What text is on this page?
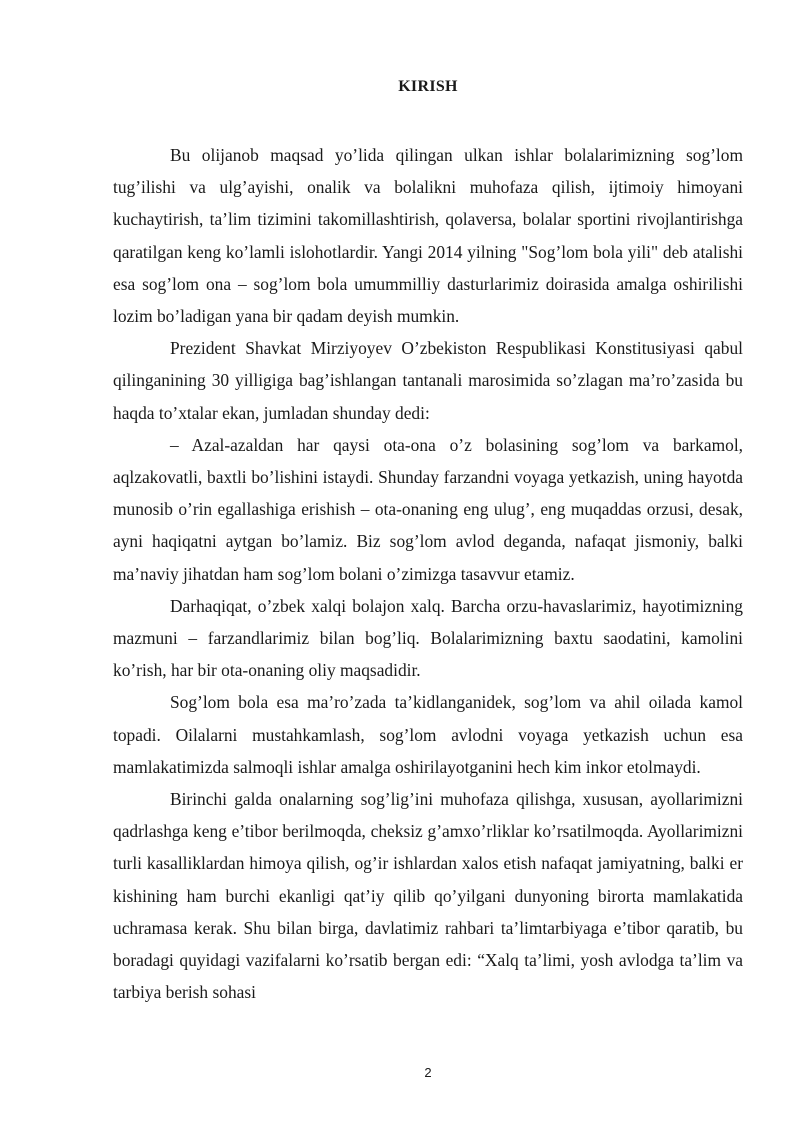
KIRISH

Bu olijanob maqsad yo’lida qilingan ulkan ishlar bolalarimizning sog’lom tug’ilishi va ulg’ayishi, onalik va bolalikni muhofaza qilish, ijtimoiy himoyani kuchaytirish, ta’lim tizimini takomillashtirish, qolaversa, bolalar sportini rivojlantirishga qaratilgan keng ko’lamli islohotlardir. Yangi 2014 yilning "Sog’lom bola yili" deb atalishi esa sog’lom ona – sog’lom bola umummilliy dasturlarimiz doirasida amalga oshirilishi lozim bo’ladigan yana bir qadam deyish mumkin.

Prezident Shavkat Mirziyoyev O’zbekiston Respublikasi Konstitusiyasi qabul qilinganining 30 yilligiga bag’ishlangan tantanali marosimida so’zlagan ma’ro’zasida bu haqda to’xtalar ekan, jumladan shunday dedi:

– Azal-azaldan har qaysi ota-ona o’z bolasining sog’lom va barkamol, aqlzakovatli, baxtli bo’lishini istaydi. Shunday farzandni voyaga yetkazish, uning hayotda munosib o’rin egallashiga erishish – ota-onaning eng ulug’, eng muqaddas orzusi, desak, ayni haqiqatni aytgan bo’lamiz. Biz sog’lom avlod deganda, nafaqat jismoniy, balki ma’naviy jihatdan ham sog’lom bolani o’zimizga tasavvur etamiz.

Darhaqiqat, o’zbek xalqi bolajon xalq. Barcha orzu-havaslarimiz, hayotimizning mazmuni – farzandlarimiz bilan bog’liq. Bolalarimizning baxtu saodatini, kamolini ko’rish, har bir ota-onaning oliy maqsadidir.

Sog’lom bola esa ma’ro’zada ta’kidlanganidek, sog’lom va ahil oilada kamol topadi. Oilalarni mustahkamlash, sog’lom avlodni voyaga yetkazish uchun esa mamlakatimizda salmoqli ishlar amalga oshirilayotganini hech kim inkor etolmaydi.

Birinchi galda onalarning sog’lig’ini muhofaza qilishga, xususan, ayollarimizni qadrlashga keng e’tibor berilmoqda, cheksiz g’amxo’rliklar ko’rsatilmoqda. Ayollarimizni turli kasalliklardan himoya qilish, og’ir ishlardan xalos etish nafaqat jamiyatning, balki er kishining ham burchi ekanligi qat’iy qilib qo’yilgani dunyoning birorta mamlakatida uchramasa kerak. Shu bilan birga, davlatimiz rahbari ta’limtarbiyaga e’tibor qaratib, bu boradagi quyidagi vazifalarni ko’rsatib bergan edi: “Xalq ta’limi, yosh avlodga ta’lim va tarbiya berish sohasi

2
